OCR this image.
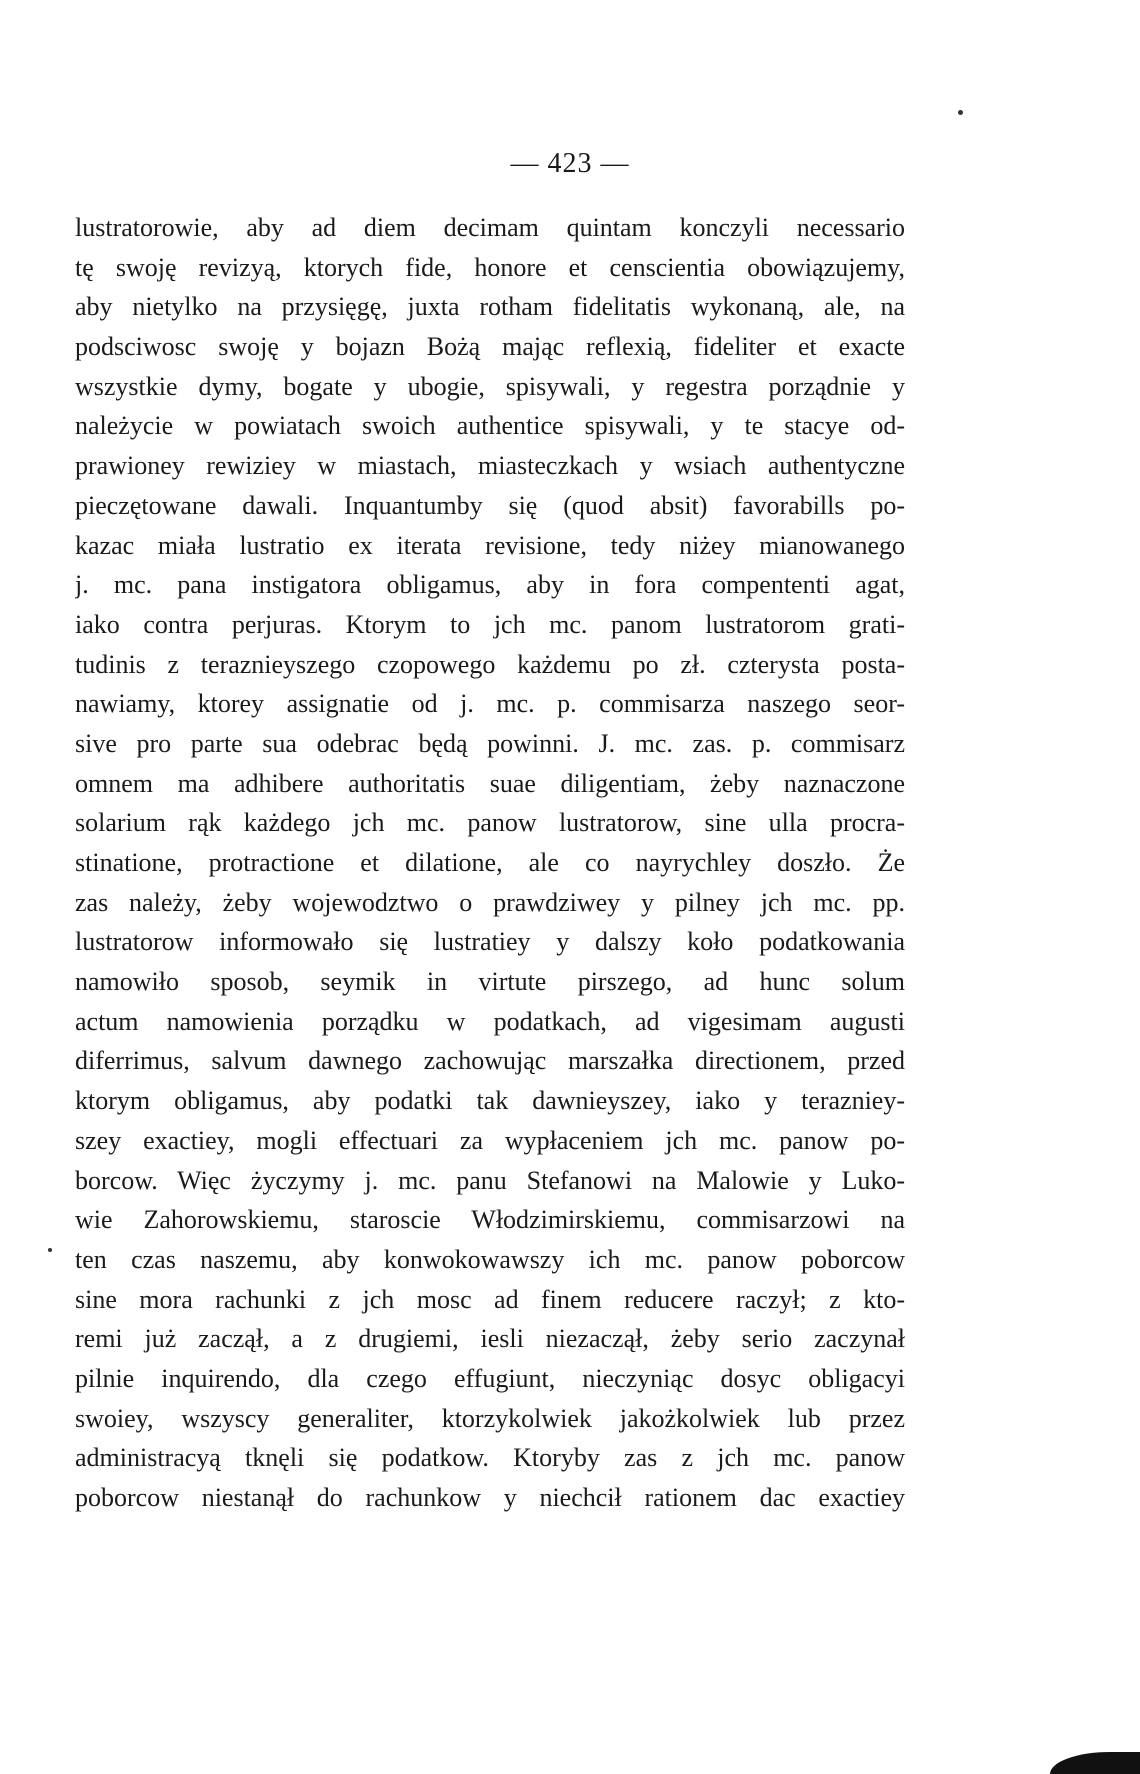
— 423 —
lustratorowie, aby ad diem decimam quintam konczyli necessario
tę swoję revizyą, ktorych fide, honore et censcientia obowiązujemy,
aby nietylko na przysięgę, juxta rotham fidelitatis wykonaną, ale, na
podsciwosc swoję y bojazn Bożą mając reflexią, fideliter et exacte
wszystkie dymy, bogate y ubogie, spisywali, y regestra porządnie y
należycie w powiatach swoich authentice spisywali, y te stacye od-
prawioney rewiziey w miastach, miasteczkach y wsiach authentyczne
pieczętowane dawali. Inquantumby się (quod absit) favorabills po-
kazac miała lustratio ex iterata revisione, tedy niżey mianowanego
j. mc. pana instigatora obligamus, aby in fora compententi agat,
iako contra perjuras. Ktorym to jch mc. panom lustratorom grati-
tudinis z teraznieyszego czopowego każdemu po zł. czterysta posta-
nawiamy, ktorey assignatie od j. mc. p. commisarza naszego seor-
sive pro parte sua odebrac będą powinni. J. mc. zas. p. commisarz
omnem ma adhibere authoritatis suae diligentiam, żeby naznaczone
solarium rąk każdego jch mc. panow lustratorow, sine ulla procra-
stinatione, protractione et dilatione, ale co nayrychley doszło. Że
zas należy, żeby wojewodztwo o prawdziwey y pilney jch mc. pp.
lustratorow informowało się lustratiey y dalszy koło podatkowania
namowiło sposob, seymik in virtute pirszego, ad hunc solum
actum namowienia porządku w podatkach, ad vigesimam augusti
diferrimus, salvum dawnego zachowując marszałka directionem, przed
ktorym obligamus, aby podatki tak dawnieyszey, iako y terazniey-
szey exactiey, mogli effectuari za wypłaceniem jch mc. panow po-
borcow. Więc życzymy j. mc. panu Stefanowi na Malowie y Luko-
wie Zahorowskiemu, staroscie Włodzimirskiemu, commisarzowi na
ten czas naszemu, aby konwokowawszy ich mc. panow poborcow
sine mora rachunki z jch mosc ad finem reducere raczył; z kto-
remi już zaczął, a z drugiemi, iesli niezaczął, żeby serio zaczynał
pilnie inquirendo, dla czego effugiunt, nieczyniąc dosyc obligacyi
swoiey, wszyscy generaliter, ktorzykolwiek jakożkolwiek lub przez
administracyą tknęli się podatkow. Ktoryby zas z jch mc. panow
poborcow niestanął do rachunkow y niechcił rationem dac exactiey
